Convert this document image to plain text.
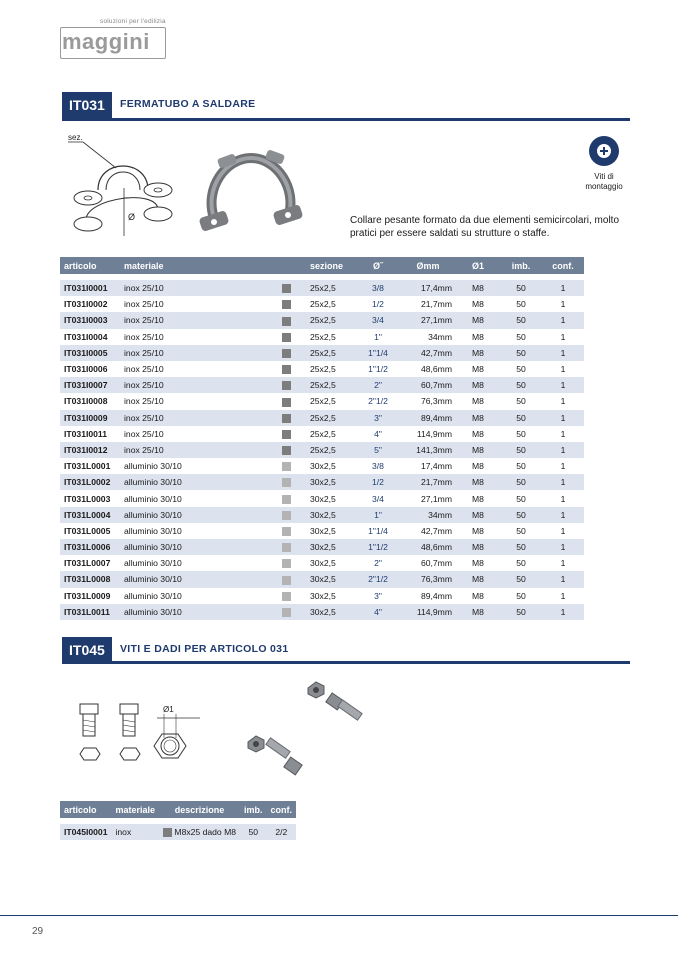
soluzioni per l'edilizia
maggini
IT031	FERMATUBO A SALDARE
sez.
Ø
Viti di
montaggio
Collare pesante formato da due elementi semicircolari, molto
pratici per essere saldati su strutture o staffe.
articolo	materiale		sezione	Ø˝	Ømm	Ø1	imb.	conf.

IT031I0001	inox 25/10		25x2,5	3/8	17,4mm	M8	50	1
IT031I0002	inox 25/10		25x2,5	1/2	21,7mm	M8	50	1
IT031I0003	inox 25/10		25x2,5	3/4	27,1mm	M8	50	1
IT031I0004	inox 25/10		25x2,5	1"	34mm	M8	50	1
IT031I0005	inox 25/10		25x2,5	1"1/4	42,7mm	M8	50	1
IT031I0006	inox 25/10		25x2,5	1"1/2	48,6mm	M8	50	1
IT031I0007	inox 25/10		25x2,5	2"	60,7mm	M8	50	1
IT031I0008	inox 25/10		25x2,5	2"1/2	76,3mm	M8	50	1
IT031I0009	inox 25/10		25x2,5	3"	89,4mm	M8	50	1
IT031I0011	inox 25/10		25x2,5	4"	114,9mm	M8	50	1
IT031I0012	inox 25/10		25x2,5	5"	141,3mm	M8	50	1
IT031L0001	alluminio 30/10		30x2,5	3/8	17,4mm	M8	50	1
IT031L0002	alluminio 30/10		30x2,5	1/2	21,7mm	M8	50	1
IT031L0003	alluminio 30/10		30x2,5	3/4	27,1mm	M8	50	1
IT031L0004	alluminio 30/10		30x2,5	1"	34mm	M8	50	1
IT031L0005	alluminio 30/10		30x2,5	1"1/4	42,7mm	M8	50	1
IT031L0006	alluminio 30/10		30x2,5	1"1/2	48,6mm	M8	50	1
IT031L0007	alluminio 30/10		30x2,5	2"	60,7mm	M8	50	1
IT031L0008	alluminio 30/10		30x2,5	2"1/2	76,3mm	M8	50	1
IT031L0009	alluminio 30/10		30x2,5	3"	89,4mm	M8	50	1
IT031L0011	alluminio 30/10		30x2,5	4"	114,9mm	M8	50	1
IT045	VITI E DADI PER ARTICOLO 031
Ø1
articolo	materiale	descrizione	imb.	conf.

IT045I0001	inox	M8x25 dado M8	50	2/2
29
